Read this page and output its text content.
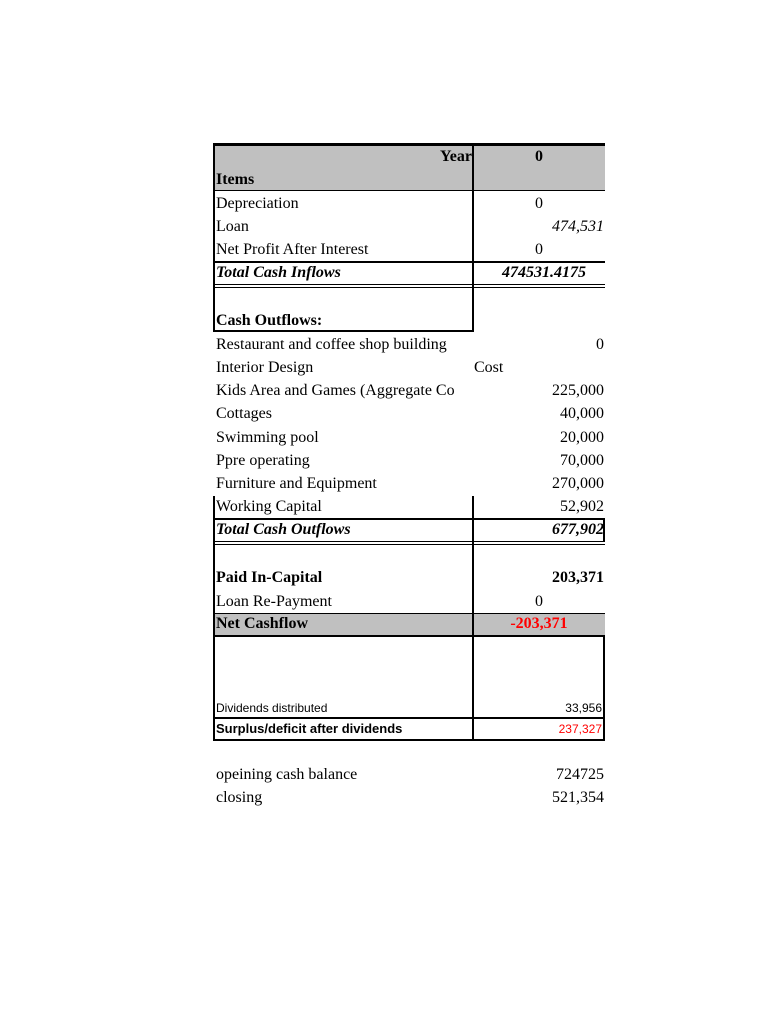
Year	0
Items
Depreciation	0
Loan	474,531
Net Profit After Interest	0
Total Cash Inflows	474531.4175
Cash Outflows:
Restaurant and coffee shop building	0
Interior Design	Cost
Kids Area and Games (Aggregate Co	225,000
Cottages	40,000
Swimming pool	20,000
Ppre operating	70,000
Furniture and Equipment	270,000
Working Capital	52,902
Total Cash Outflows	677,902
Paid In-Capital	203,371
Loan Re-Payment	0
Net Cashflow	-203,371
Dividends distributed	33,956
Surplus/deficit after dividends	237,327
opeining cash balance	724725
closing	521,354
